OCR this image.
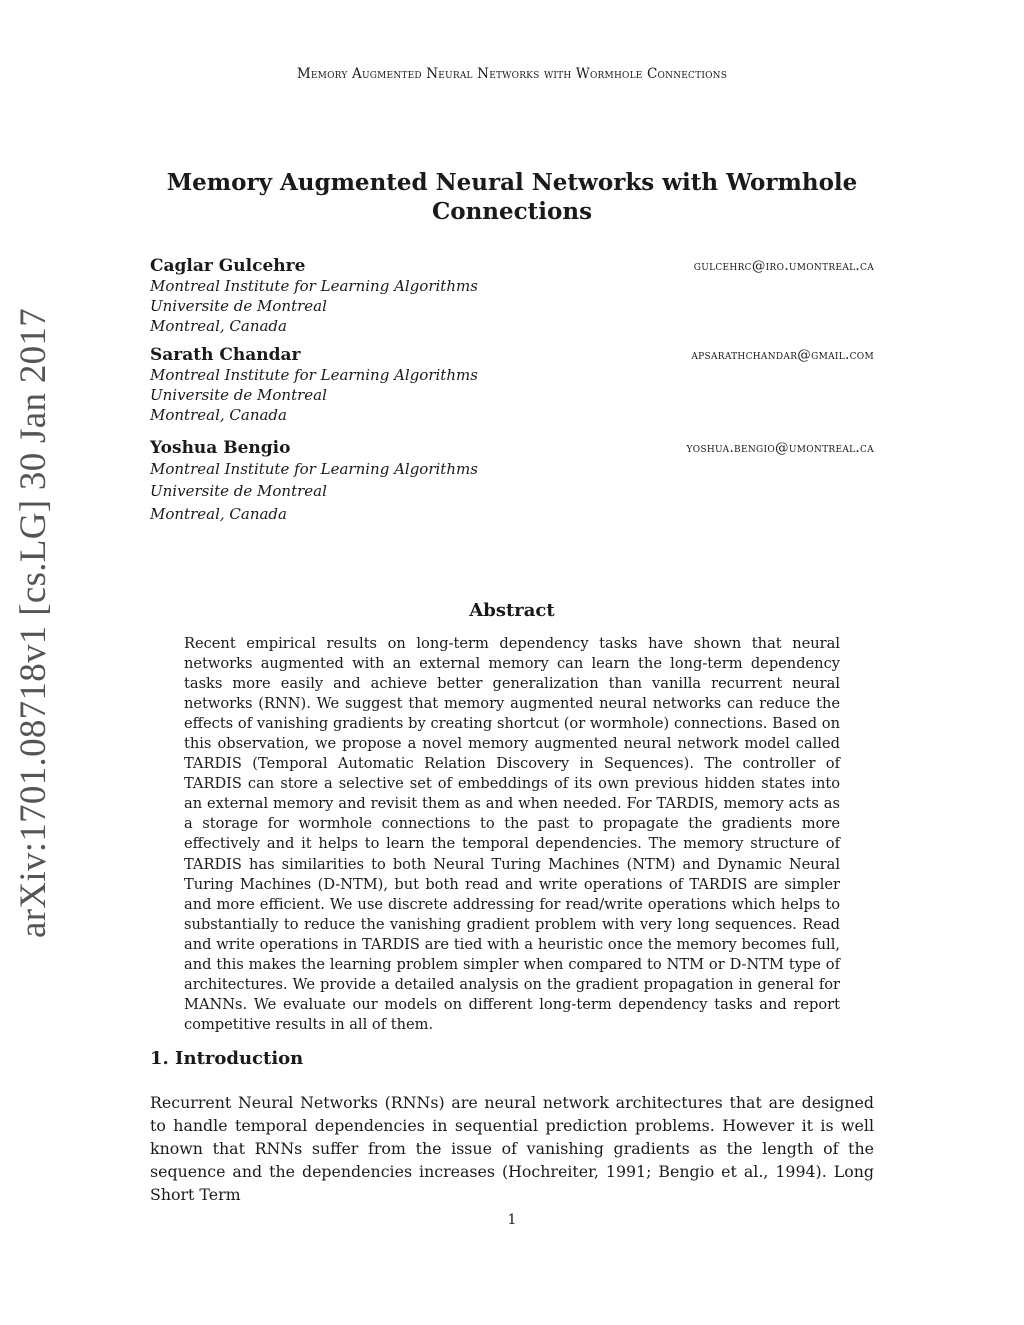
Memory Augmented Neural Networks with Wormhole Connections
arXiv:1701.08718v1 [cs.LG] 30 Jan 2017
Memory Augmented Neural Networks with Wormhole
Connections
Caglar Gulcehre	gulcehrc@iro.umontreal.ca
Montreal Institute for Learning Algorithms
Universite de Montreal
Montreal, Canada
Sarath Chandar	apsarathchandar@gmail.com
Montreal Institute for Learning Algorithms
Universite de Montreal
Montreal, Canada
Yoshua Bengio	yoshua.bengio@umontreal.ca
Montreal Institute for Learning Algorithms
Universite de Montreal
Montreal, Canada
Abstract
Recent empirical results on long-term dependency tasks have shown that neural networks augmented with an external memory can learn the long-term dependency tasks more easily and achieve better generalization than vanilla recurrent neural networks (RNN). We suggest that memory augmented neural networks can reduce the effects of vanishing gradients by creating shortcut (or wormhole) connections. Based on this observation, we propose a novel memory augmented neural network model called TARDIS (Temporal Automatic Relation Discovery in Sequences). The controller of TARDIS can store a selective set of embeddings of its own previous hidden states into an external memory and revisit them as and when needed. For TARDIS, memory acts as a storage for wormhole connections to the past to propagate the gradients more effectively and it helps to learn the temporal dependencies. The memory structure of TARDIS has similarities to both Neural Turing Machines (NTM) and Dynamic Neural Turing Machines (D-NTM), but both read and write operations of TARDIS are simpler and more efficient. We use discrete addressing for read/write operations which helps to substantially to reduce the vanishing gradient problem with very long sequences. Read and write operations in TARDIS are tied with a heuristic once the memory becomes full, and this makes the learning problem simpler when compared to NTM or D-NTM type of architectures. We provide a detailed analysis on the gradient propagation in general for MANNs. We evaluate our models on different long-term dependency tasks and report competitive results in all of them.
1. Introduction
Recurrent Neural Networks (RNNs) are neural network architectures that are designed to handle temporal dependencies in sequential prediction problems. However it is well known that RNNs suffer from the issue of vanishing gradients as the length of the sequence and the dependencies increases (Hochreiter, 1991; Bengio et al., 1994). Long Short Term
1
